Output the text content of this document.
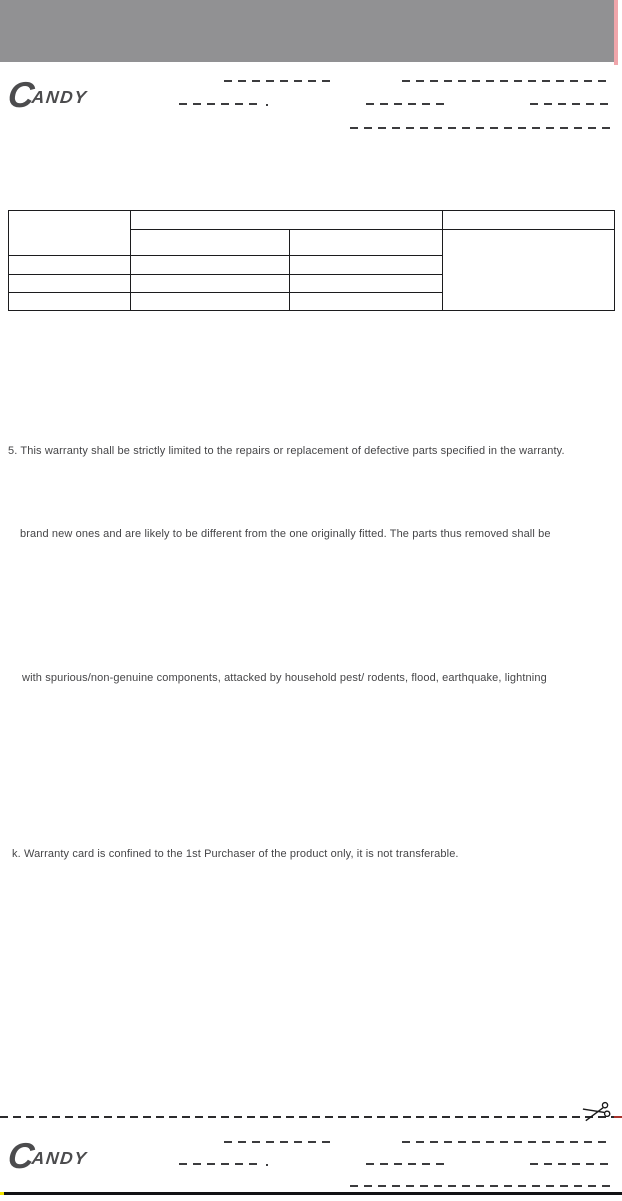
CANDY

5. This warranty shall be strictly limited to the repairs or replacement of defective parts specified in the warranty.
brand new ones and are likely to be different from the one originally fitted. The parts thus removed shall be
with spurious/non-genuine components, attacked by household pest/ rodents, flood, earthquake, lightning
k. Warranty card is confined to the 1st Purchaser of the product only, it is not transferable.
CANDY
